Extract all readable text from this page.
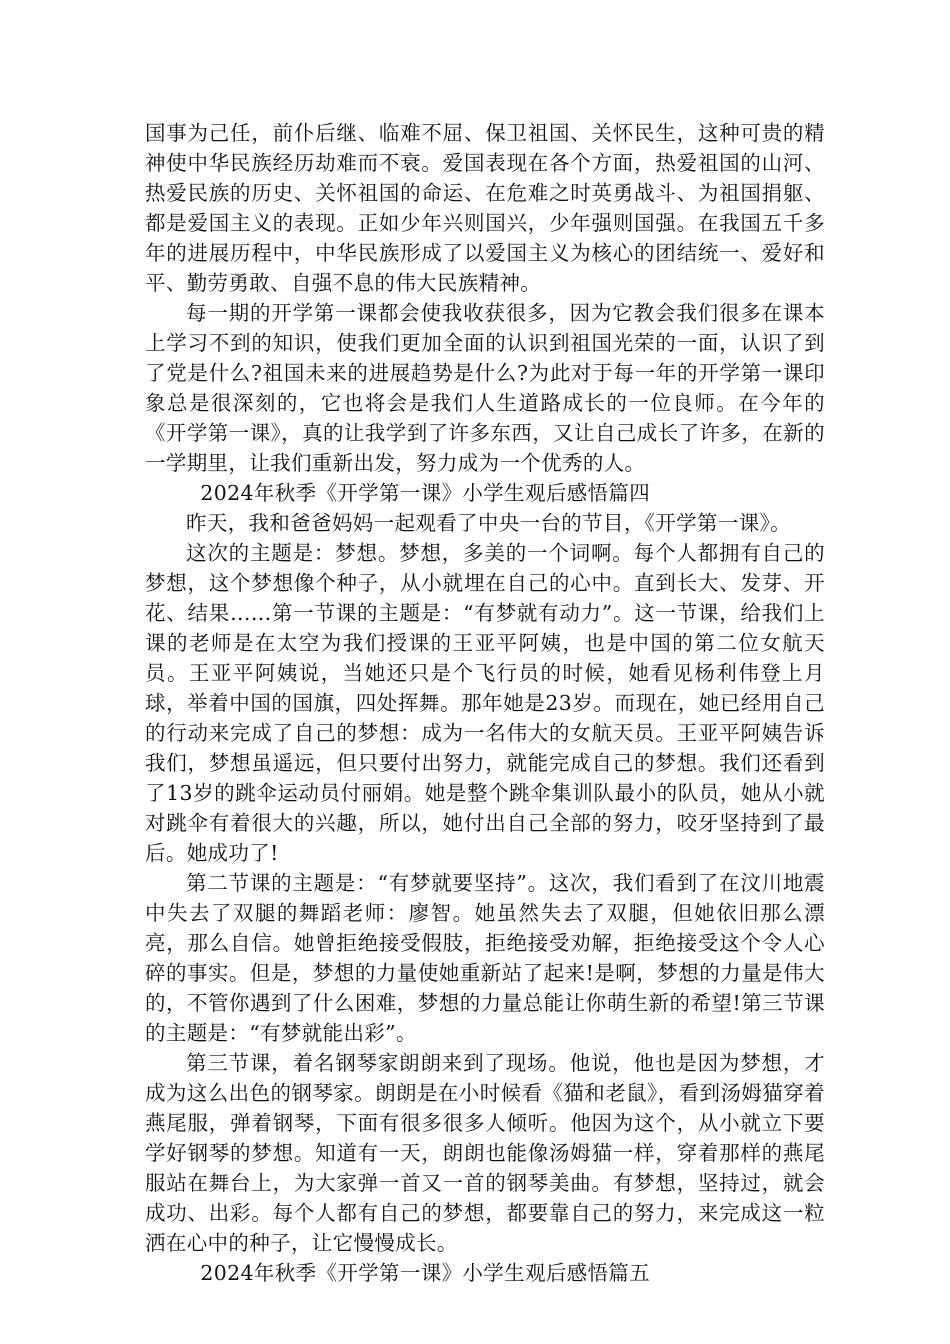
国事为己任，前仆后继、临难不屈、保卫祖国、关怀民生，这种可贵的精神使中华民族经历劫难而不衰。爱国表现在各个方面，热爱祖国的山河、热爱民族的历史、关怀祖国的命运、在危难之时英勇战斗、为祖国捐躯、都是爱国主义的表现。正如少年兴则国兴，少年强则国强。在我国五千多年的进展历程中，中华民族形成了以爱国主义为核心的团结统一、爱好和平、勤劳勇敢、自强不息的伟大民族精神。

每一期的开学第一课都会使我收获很多，因为它教会我们很多在课本上学习不到的知识，使我们更加全面的认识到祖国光荣的一面，认识了到了党是什么?祖国未来的进展趋势是什么?为此对于每一年的开学第一课印象总是很深刻的，它也将会是我们人生道路成长的一位良师。在今年的《开学第一课》，真的让我学到了许多东西，又让自己成长了许多，在新的一学期里，让我们重新出发，努力成为一个优秀的人。

2024年秋季《开学第一课》小学生观后感悟篇四

昨天，我和爸爸妈妈一起观看了中央一台的节目，《开学第一课》。

这次的主题是：梦想。梦想，多美的一个词啊。每个人都拥有自己的梦想，这个梦想像个种子，从小就埋在自己的心中。直到长大、发芽、开花、结果……第一节课的主题是：“有梦就有动力”。这一节课，给我们上课的老师是在太空为我们授课的王亚平阿姨，也是中国的第二位女航天员。王亚平阿姨说，当她还只是个飞行员的时候，她看见杨利伟登上月球，举着中国的国旗，四处挥舞。那年她是23岁。而现在，她已经用自己的行动来完成了自己的梦想：成为一名伟大的女航天员。王亚平阿姨告诉我们，梦想虽遥远，但只要付出努力，就能完成自己的梦想。我们还看到了13岁的跳伞运动员付丽娟。她是整个跳伞集训队最小的队员，她从小就对跳伞有着很大的兴趣，所以，她付出自己全部的努力，咬牙坚持到了最后。她成功了!

第二节课的主题是：“有梦就要坚持”。这次，我们看到了在汶川地震中失去了双腿的舞蹈老师：廖智。她虽然失去了双腿，但她依旧那么漂亮，那么自信。她曾拒绝接受假肢，拒绝接受劝解，拒绝接受这个令人心碎的事实。但是，梦想的力量使她重新站了起来!是啊，梦想的力量是伟大的，不管你遇到了什么困难，梦想的力量总能让你萌生新的希望!第三节课的主题是：“有梦就能出彩”。

第三节课，着名钢琴家朗朗来到了现场。他说，他也是因为梦想，才成为这么出色的钢琴家。朗朗是在小时候看《猫和老鼠》，看到汤姆猫穿着燕尾服，弹着钢琴，下面有很多很多人倾听。他因为这个，从小就立下要学好钢琴的梦想。知道有一天，朗朗也能像汤姆猫一样，穿着那样的燕尾服站在舞台上，为大家弹一首又一首的钢琴美曲。有梦想，坚持过，就会成功、出彩。每个人都有自己的梦想，都要靠自己的努力，来完成这一粒洒在心中的种子，让它慢慢成长。

2024年秋季《开学第一课》小学生观后感悟篇五
